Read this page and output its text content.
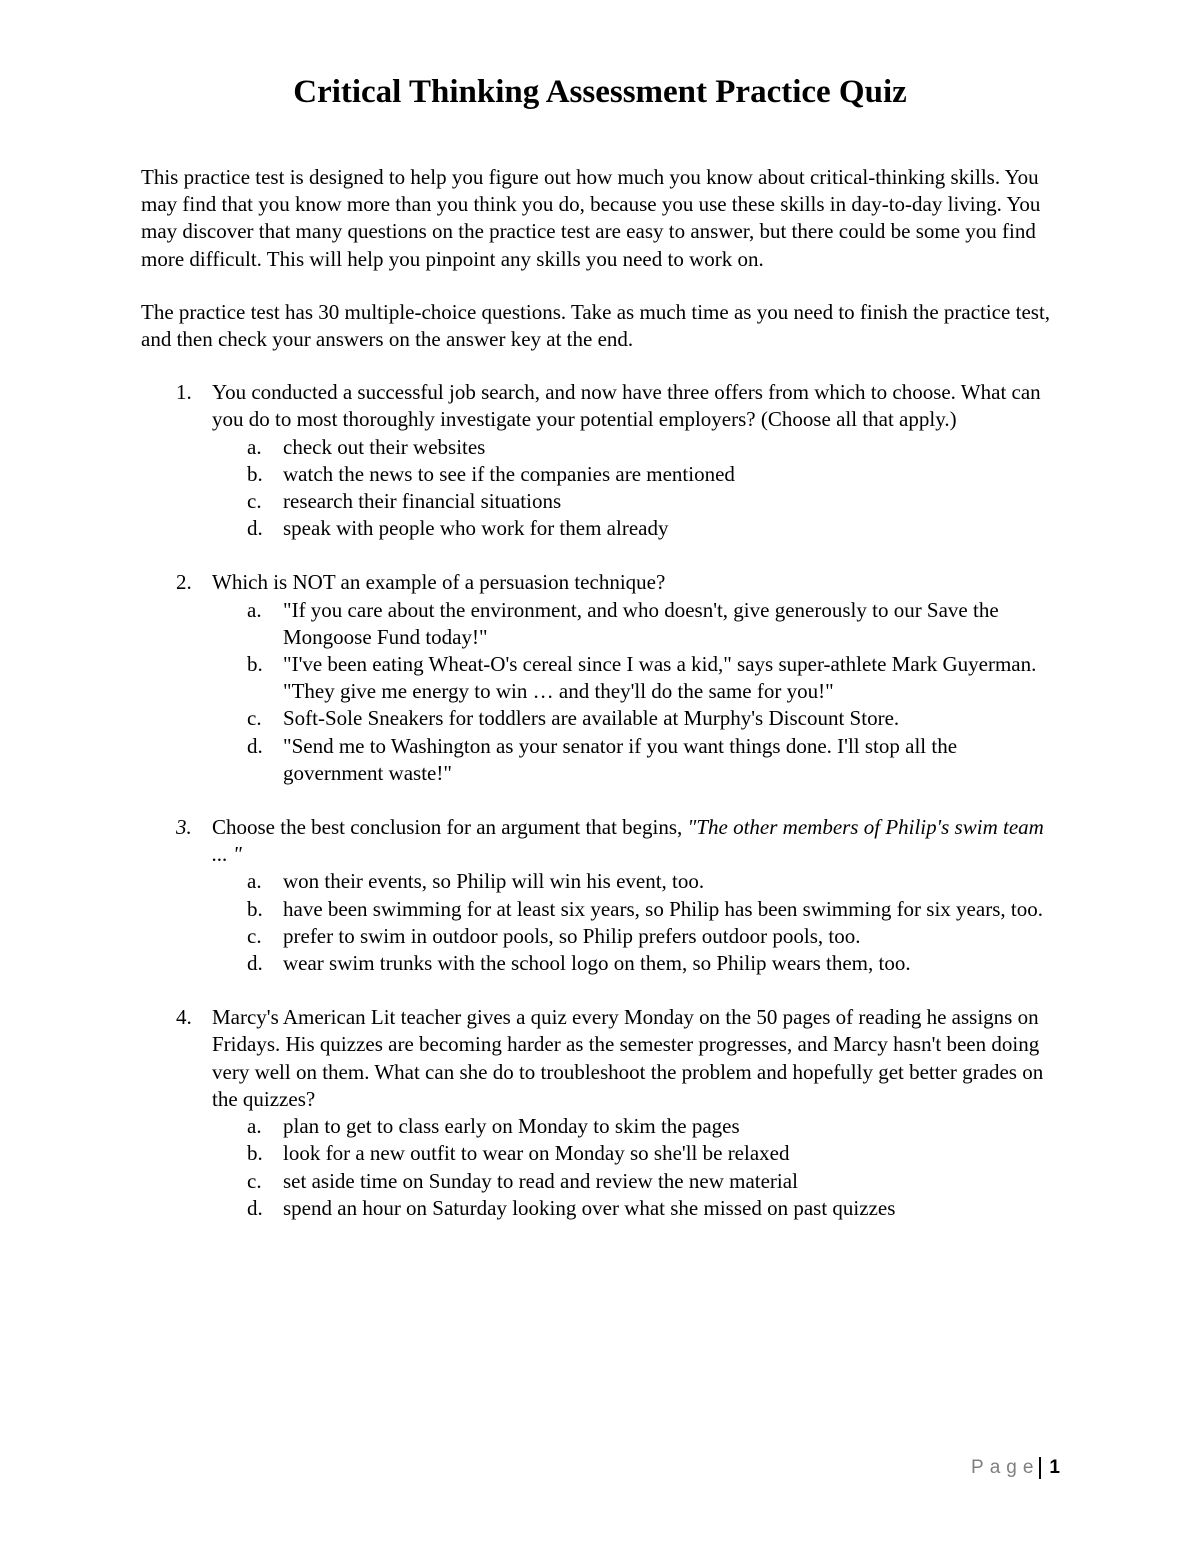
Critical Thinking Assessment Practice Quiz

This practice test is designed to help you figure out how much you know about critical-thinking skills. You may find that you know more than you think you do, because you use these skills in day-to-day living. You may discover that many questions on the practice test are easy to answer, but there could be some you find more difficult. This will help you pinpoint any skills you need to work on.

The practice test has 30 multiple-choice questions. Take as much time as you need to finish the practice test, and then check your answers on the answer key at the end.

1. You conducted a successful job search, and now have three offers from which to choose. What can you do to most thoroughly investigate your potential employers? (Choose all that apply.)
a. check out their websites
b. watch the news to see if the companies are mentioned
c. research their financial situations
d. speak with people who work for them already
2. Which is NOT an example of a persuasion technique?
a. "If you care about the environment, and who doesn't, give generously to our Save the Mongoose Fund today!"
b. "I've been eating Wheat-O's cereal since I was a kid," says super-athlete Mark Guyerman. "They give me energy to win … and they'll do the same for you!"
c. Soft-Sole Sneakers for toddlers are available at Murphy's Discount Store.
d. "Send me to Washington as your senator if you want things done. I'll stop all the government waste!"
3. Choose the best conclusion for an argument that begins, "The other members of Philip's swim team ... "
a. won their events, so Philip will win his event, too.
b. have been swimming for at least six years, so Philip has been swimming for six years, too.
c. prefer to swim in outdoor pools, so Philip prefers outdoor pools, too.
d. wear swim trunks with the school logo on them, so Philip wears them, too.
4. Marcy's American Lit teacher gives a quiz every Monday on the 50 pages of reading he assigns on Fridays. His quizzes are becoming harder as the semester progresses, and Marcy hasn't been doing very well on them. What can she do to troubleshoot the problem and hopefully get better grades on the quizzes?
a. plan to get to class early on Monday to skim the pages
b. look for a new outfit to wear on Monday so she'll be relaxed
c. set aside time on Sunday to read and review the new material
d. spend an hour on Saturday looking over what she missed on past quizzes
Page 1
